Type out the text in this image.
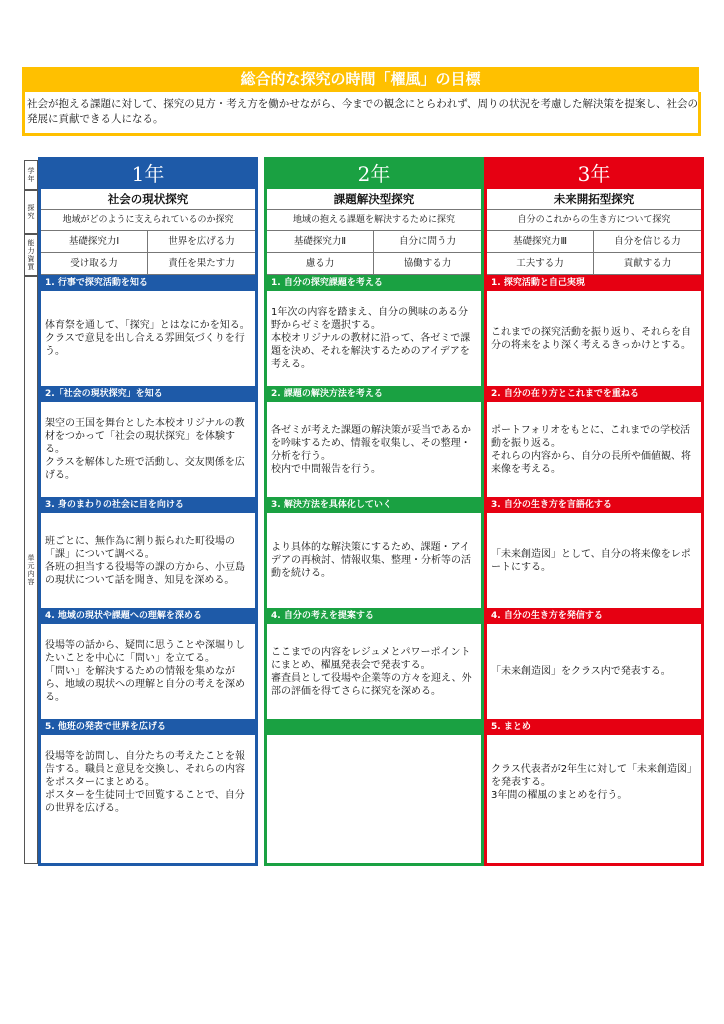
総合的な探究の時間「櫂風」の目標
社会が抱える課題に対して、探究の見方・考え方を働かせながら、今までの観念にとらわれず、周りの状況を考慮した解決策を提案し、社会の発展に貢献できる人になる。
学
年
探
究
能
力
資
質
単
元
内
容
1年
社会の現状探究
地域がどのように支えられているのか探究
基礎探究力Ⅰ	世界を広げる力
受け取る力	責任を果たす力
1. 行事で探究活動を知る
体育祭を通して、「探究」とはなにかを知る。
クラスで意見を出し合える雰囲気づくりを行う。
2.「社会の現状探究」を知る
架空の王国を舞台とした本校オリジナルの教材をつかって「社会の現状探究」を体験する。
クラスを解体した班で活動し、交友関係を広げる。
3. 身のまわりの社会に目を向ける
班ごとに、無作為に割り振られた町役場の「課」について調べる。
各班の担当する役場等の課の方から、小豆島の現状について話を聞き、知見を深める。
4. 地域の現状や課題への理解を深める
役場等の話から、疑問に思うことや深堀りしたいことを中心に「問い」を立てる。
「問い」を解決するための情報を集めながら、地域の現状への理解と自分の考えを深める。
5. 他班の発表で世界を広げる
役場等を訪問し、自分たちの考えたことを報告する。職員と意見を交換し、それらの内容をポスターにまとめる。
ポスターを生徒同士で回覧することで、自分の世界を広げる。
2年
課題解決型探究
地域の抱える課題を解決するために探究
基礎探究力Ⅱ	自分に問う力
慮る力	協働する力
1. 自分の探究課題を考える
1年次の内容を踏まえ、自分の興味のある分野からゼミを選択する。
本校オリジナルの教材に沿って、各ゼミで課題を決め、それを解決するためのアイデアを考える。
2. 課題の解決方法を考える
各ゼミが考えた課題の解決策が妥当であるかを吟味するため、情報を収集し、その整理・分析を行う。
校内で中間報告を行う。
3. 解決方法を具体化していく
より具体的な解決策にするため、課題・アイデアの再検討、情報収集、整理・分析等の活動を続ける。
4. 自分の考えを提案する
ここまでの内容をレジュメとパワーポイントにまとめ、櫂風発表会で発表する。
審査員として役場や企業等の方々を迎え、外部の評価を得てさらに探究を深める。

3年
未来開拓型探究
自分のこれからの生き方について探究
基礎探究力Ⅲ	自分を信じる力
工夫する力	貢献する力
1. 探究活動と自己実現
これまでの探究活動を振り返り、それらを自分の将来をより深く考えるきっかけとする。
2. 自分の在り方とこれまでを重ねる
ポートフォリオをもとに、これまでの学校活動を振り返る。
それらの内容から、自分の長所や価値観、将来像を考える。
3. 自分の生き方を言語化する
「未来創造図」として、自分の将来像をレポートにする。
4. 自分の生き方を発信する
「未来創造図」をクラス内で発表する。
5. まとめ
クラス代表者が2年生に対して「未来創造図」を発表する。
3年間の櫂風のまとめを行う。
